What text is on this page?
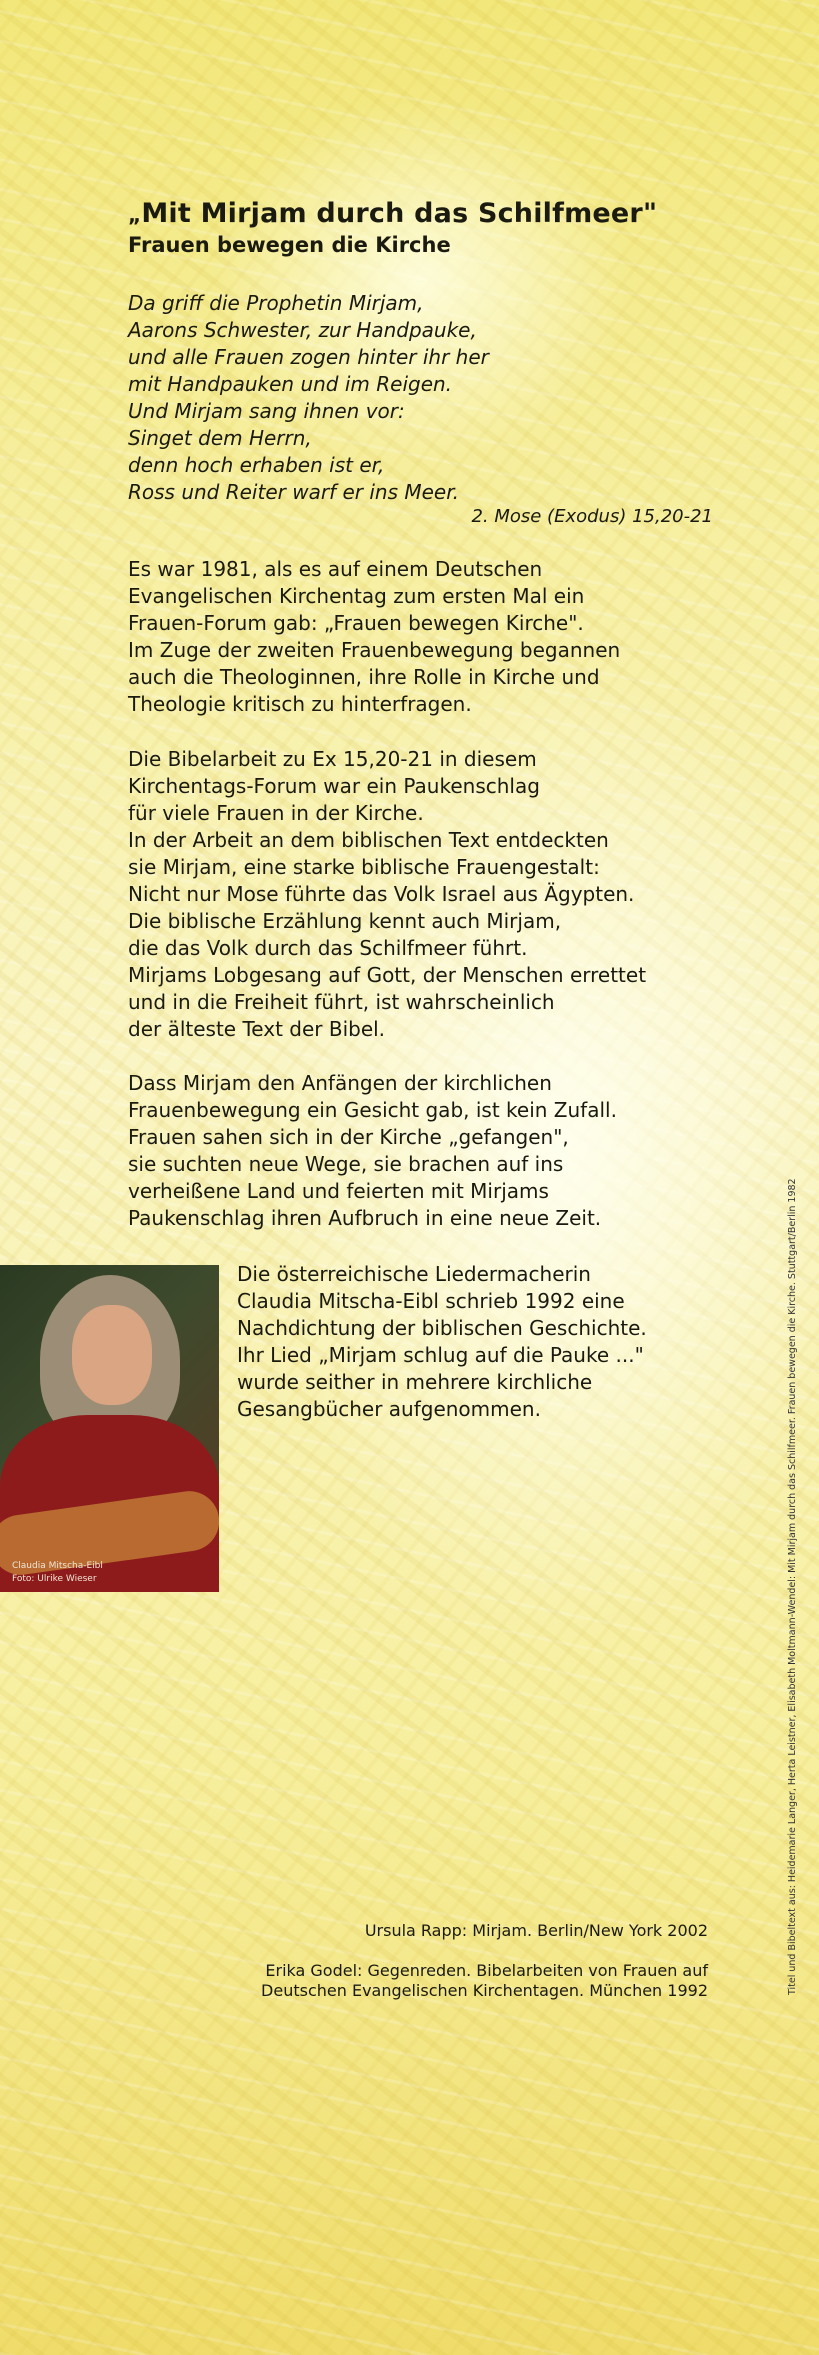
„Mit Mirjam durch das Schilfmeer"
Frauen bewegen die Kirche
Da griff die Prophetin Mirjam,
Aarons Schwester, zur Handpauke,
und alle Frauen zogen hinter ihr her
mit Handpauken und im Reigen.
Und Mirjam sang ihnen vor:
Singet dem Herrn,
denn hoch erhaben ist er,
Ross und Reiter warf er ins Meer.
2. Mose (Exodus) 15,20-21
Es war 1981, als es auf einem Deutschen
Evangelischen Kirchentag zum ersten Mal ein
Frauen-Forum gab: „Frauen bewegen Kirche".
Im Zuge der zweiten Frauenbewegung begannen
auch die Theologinnen, ihre Rolle in Kirche und
Theologie kritisch zu hinterfragen.
Die Bibelarbeit zu Ex 15,20-21 in diesem
Kirchentags-Forum war ein Paukenschlag
für viele Frauen in der Kirche.
In der Arbeit an dem biblischen Text entdeckten
sie Mirjam, eine starke biblische Frauengestalt:
Nicht nur Mose führte das Volk Israel aus Ägypten.
Die biblische Erzählung kennt auch Mirjam,
die das Volk durch das Schilfmeer führt.
Mirjams Lobgesang auf Gott, der Menschen errettet
und in die Freiheit führt, ist wahrscheinlich
der älteste Text der Bibel.
Dass Mirjam den Anfängen der kirchlichen
Frauenbewegung ein Gesicht gab, ist kein Zufall.
Frauen sahen sich in der Kirche „gefangen",
sie suchten neue Wege, sie brachen auf ins
verheißene Land und feierten mit Mirjams
Paukenschlag ihren Aufbruch in eine neue Zeit.
Claudia Mitscha-Eibl
Foto: Ulrike Wieser
Die österreichische Liedermacherin
Claudia Mitscha-Eibl schrieb 1992 eine
Nachdichtung der biblischen Geschichte.
Ihr Lied „Mirjam schlug auf die Pauke ..."
wurde seither in mehrere kirchliche
Gesangbücher aufgenommen.
Ursula Rapp: Mirjam. Berlin/New York 2002
Erika Godel: Gegenreden. Bibelarbeiten von Frauen auf
Deutschen Evangelischen Kirchentagen. München 1992	Titel und Bibeltext aus: Heidemarie Langer, Herta Leistner, Elisabeth Moltmann-Wendel: Mit Mirjam durch das Schilfmeer. Frauen bewegen die Kirche. Stuttgart/Berlin 1982
